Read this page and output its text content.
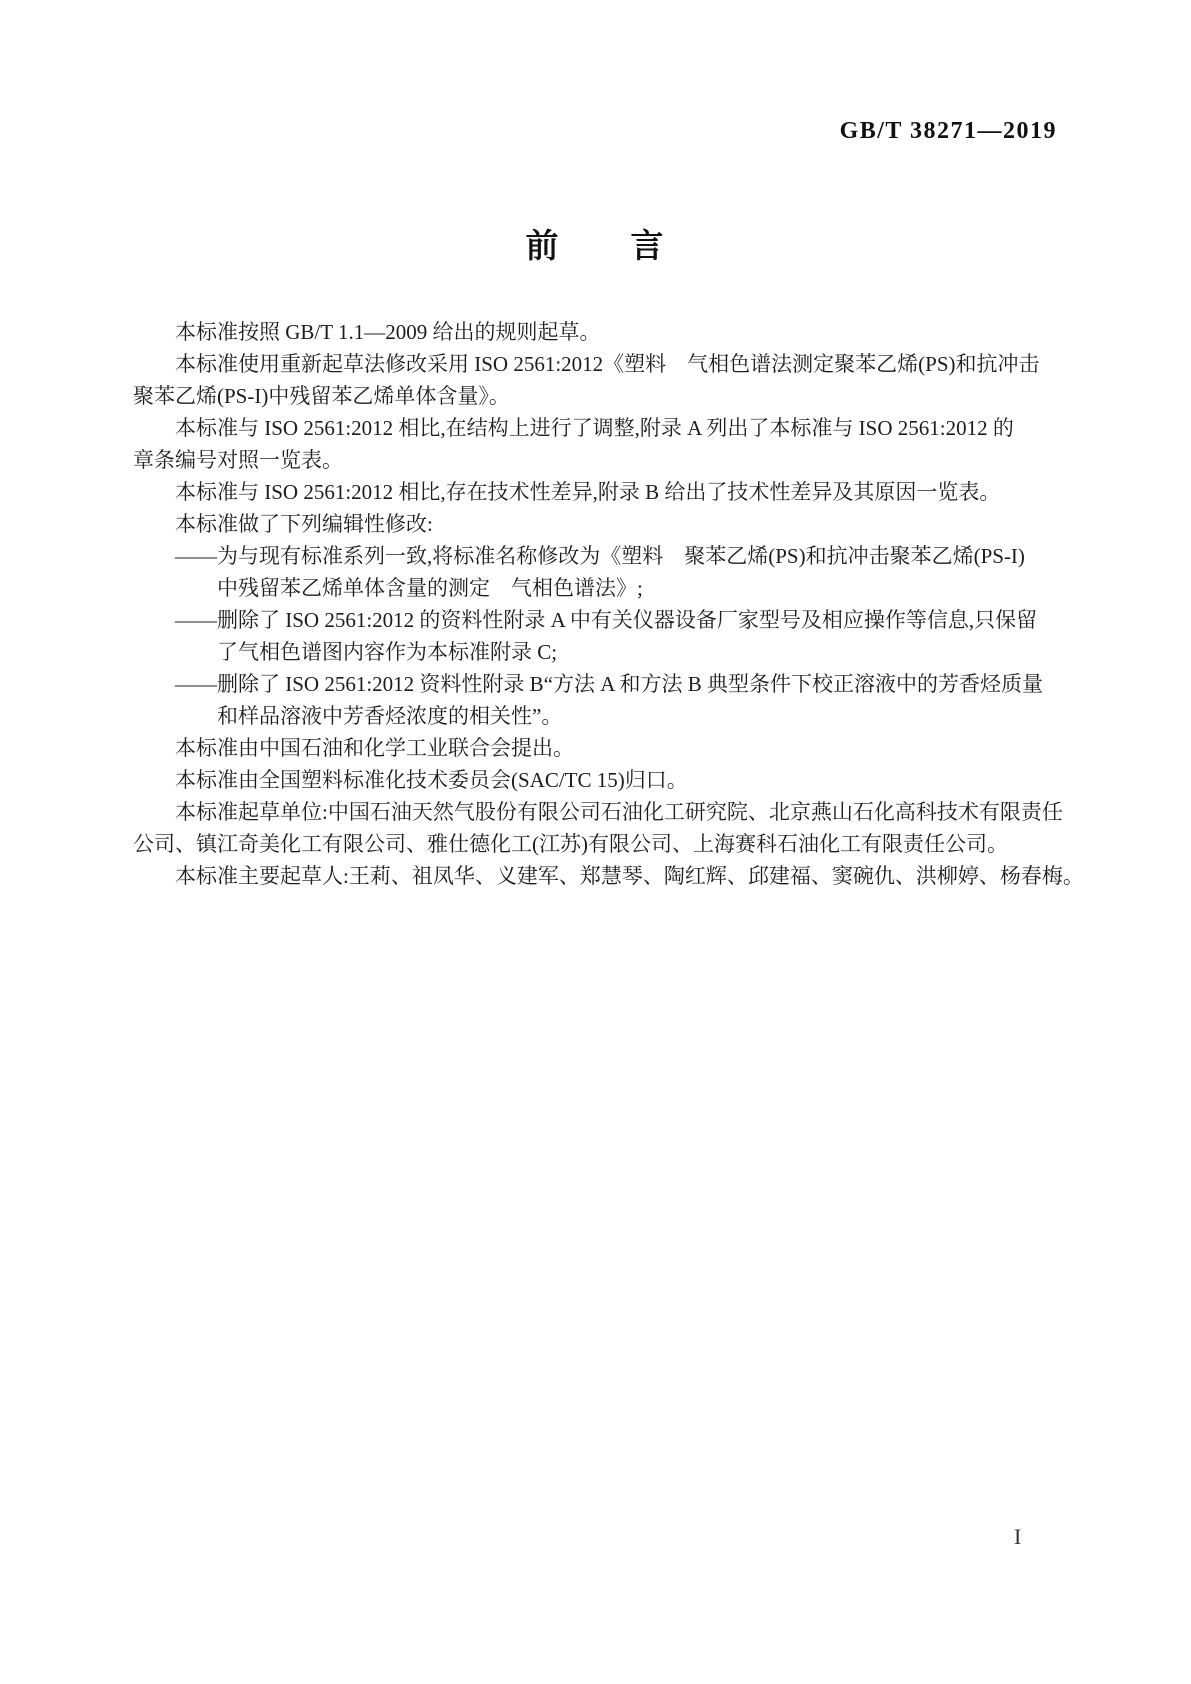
GB/T 38271—2019
前　　言
本标准按照 GB/T 1.1—2009 给出的规则起草。
本标准使用重新起草法修改采用 ISO 2561:2012《塑料　气相色谱法测定聚苯乙烯(PS)和抗冲击
聚苯乙烯(PS-I)中残留苯乙烯单体含量》。
本标准与 ISO 2561:2012 相比,在结构上进行了调整,附录 A 列出了本标准与 ISO 2561:2012 的
章条编号对照一览表。
本标准与 ISO 2561:2012 相比,存在技术性差异,附录 B 给出了技术性差异及其原因一览表。
本标准做了下列编辑性修改:
——为与现有标准系列一致,将标准名称修改为《塑料　聚苯乙烯(PS)和抗冲击聚苯乙烯(PS-I)
中残留苯乙烯单体含量的测定　气相色谱法》;
——删除了 ISO 2561:2012 的资料性附录 A 中有关仪器设备厂家型号及相应操作等信息,只保留
了气相色谱图内容作为本标准附录 C;
——删除了 ISO 2561:2012 资料性附录 B“方法 A 和方法 B 典型条件下校正溶液中的芳香烃质量
和样品溶液中芳香烃浓度的相关性”。
本标准由中国石油和化学工业联合会提出。
本标准由全国塑料标准化技术委员会(SAC/TC 15)归口。
本标准起草单位:中国石油天然气股份有限公司石油化工研究院、北京燕山石化高科技术有限责任
公司、镇江奇美化工有限公司、雅仕德化工(江苏)有限公司、上海赛科石油化工有限责任公司。
本标准主要起草人:王莉、祖凤华、义建军、郑慧琴、陶红辉、邱建福、窦碗仇、洪柳婷、杨春梅。
I
